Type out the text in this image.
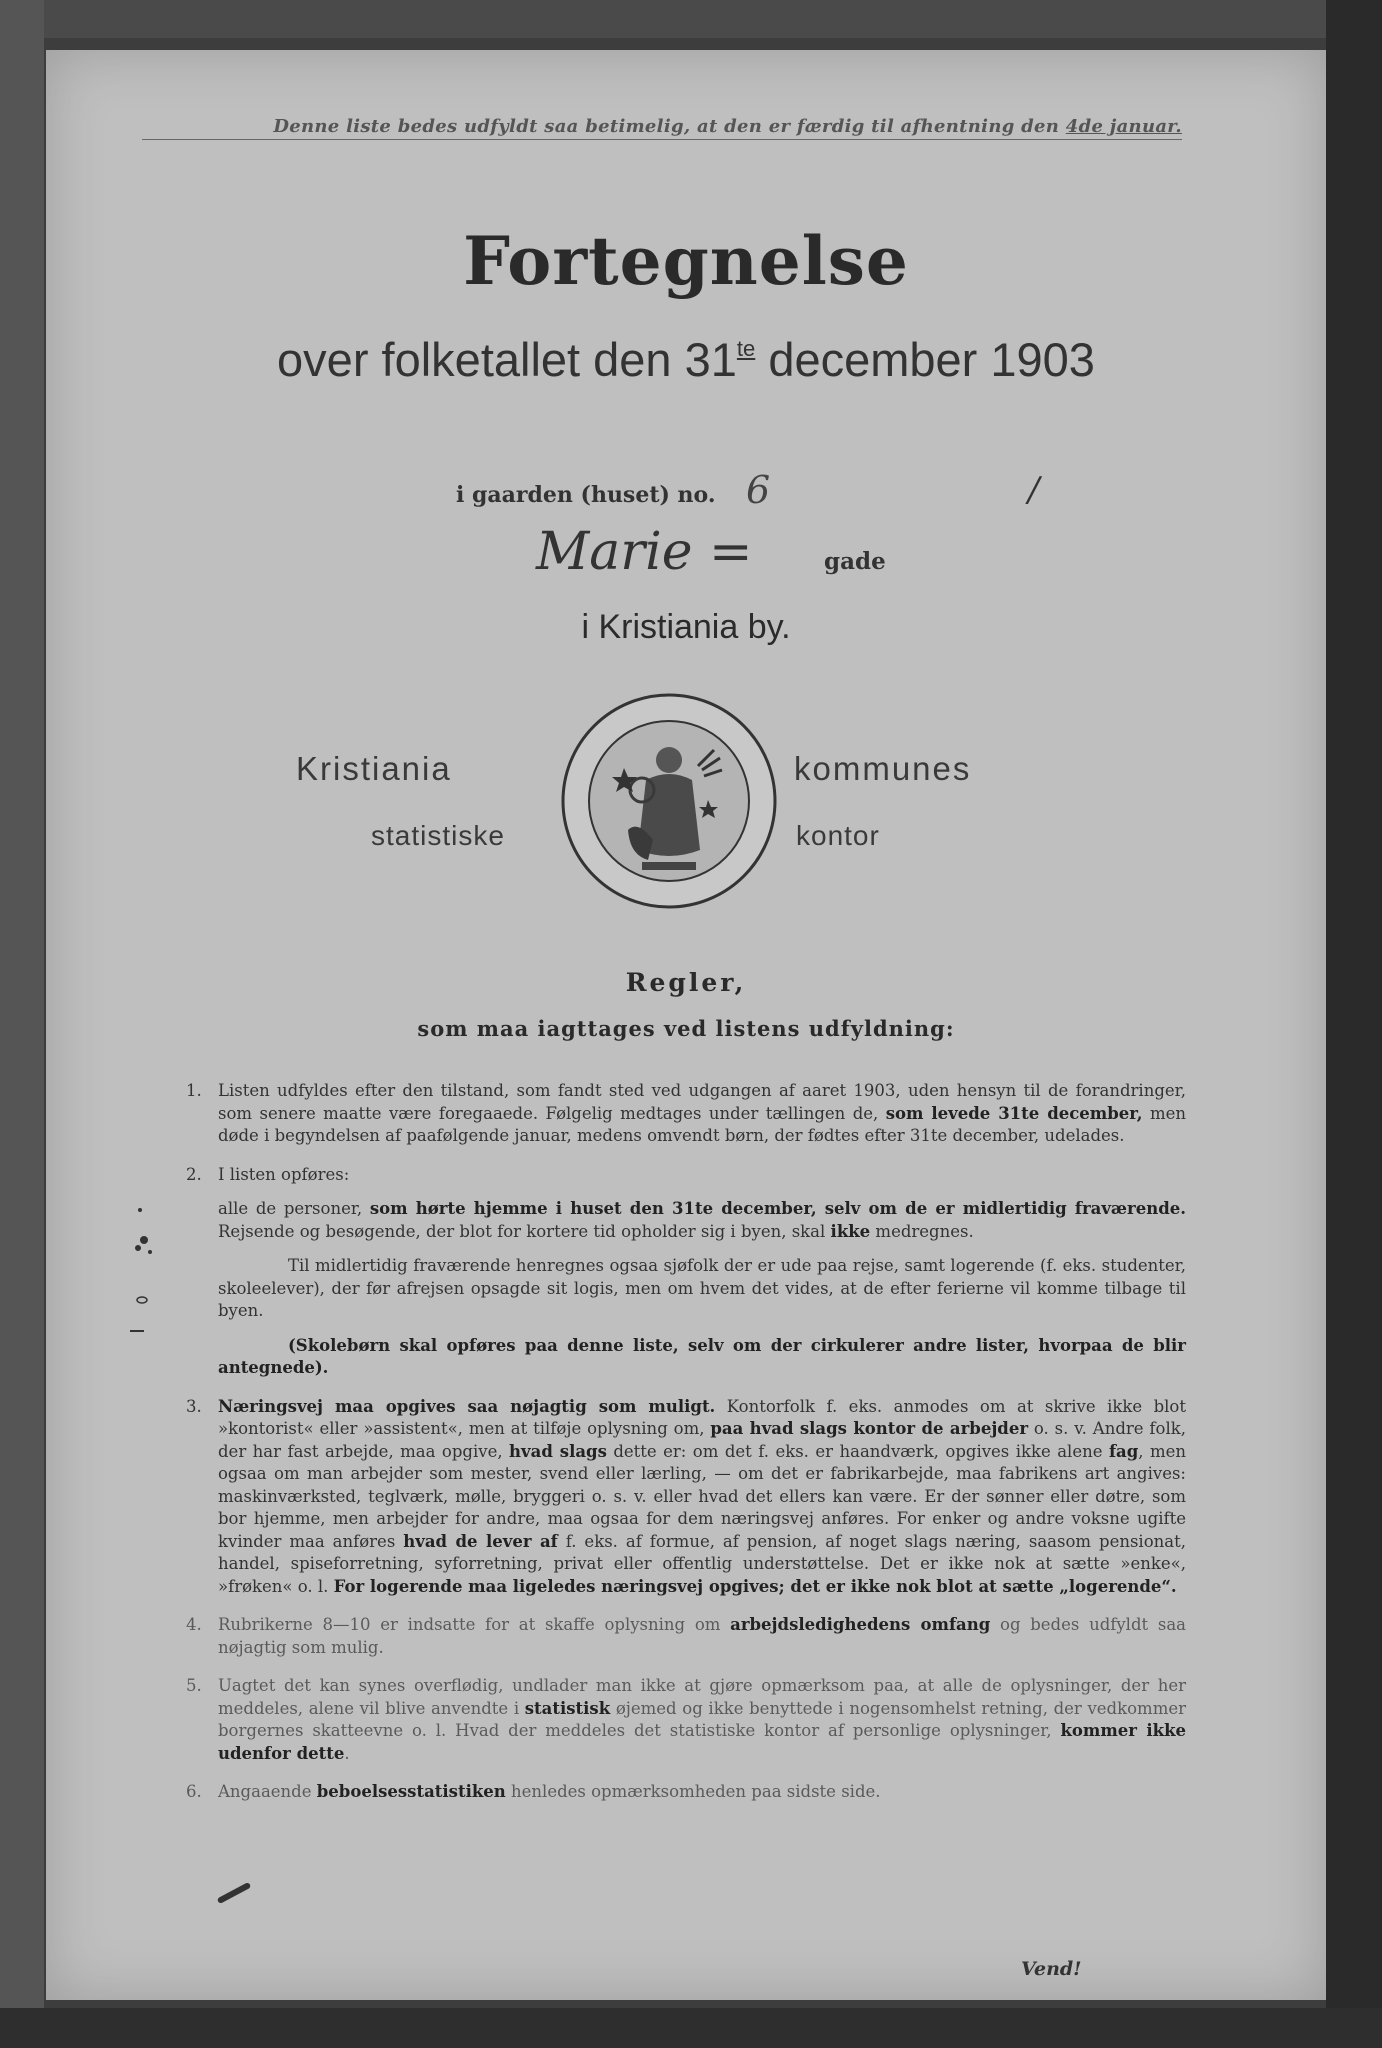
Denne liste bedes udfyldt saa betimelig, at den er færdig til afhentning den 4de januar.
Fortegnelse
over folketallet den $31^{te}$ december 1903
i gaarden (huset) no. 6	/
Marie =	gade
i Kristiania by.
Kristiania
statistiske
kommunes
kontor
Regler,
som maa iagttages ved listens udfyldning:
1. Listen udfyldes efter den tilstand, som fandt sted ved udgangen af aaret 1903, uden hensyn til de forandringer, som senere maatte være foregaaede. Følgelig medtages under tællingen de, som levede 31te december, men døde i begyndelsen af paafølgende januar, medens omvendt børn, der fødtes efter 31te december, udelades.

2. I listen opføres:

alle de personer, som hørte hjemme i huset den 31te december, selv om de er midlertidig fraværende. Rejsende og besøgende, der blot for kortere tid opholder sig i byen, skal ikke medregnes.

Til midlertidig fraværende henregnes ogsaa sjøfolk der er ude paa rejse, samt logerende (f. eks. studenter, skoleelever), der før afrejsen opsagde sit logis, men om hvem det vides, at de efter ferierne vil komme tilbage til byen.

(Skolebørn skal opføres paa denne liste, selv om der cirkulerer andre lister, hvorpaa de blir antegnede).

3. Næringsvej maa opgives saa nøjagtig som muligt. Kontorfolk f. eks. anmodes om at skrive ikke blot »kontorist« eller »assistent«, men at tilføje oplysning om, paa hvad slags kontor de arbejder o. s. v. Andre folk, der har fast arbejde, maa opgive, hvad slags dette er: om det f. eks. er haandværk, opgives ikke alene fag, men ogsaa om man arbejder som mester, svend eller lærling, — om det er fabrikarbejde, maa fabrikens art angives: maskinværksted, teglværk, mølle, bryggeri o. s. v. eller hvad det ellers kan være. Er der sønner eller døtre, som bor hjemme, men arbejder for andre, maa ogsaa for dem næringsvej anføres. For enker og andre voksne ugifte kvinder maa anføres hvad de lever af f. eks. af formue, af pension, af noget slags næring, saasom pensionat, handel, spiseforretning, syforretning, privat eller offentlig understøttelse. Det er ikke nok at sætte »enke«, »frøken« o. l. For logerende maa ligeledes næringsvej opgives; det er ikke nok blot at sætte „logerende“.

4. Rubrikerne 8—10 er indsatte for at skaffe oplysning om arbejdsledighedens omfang og bedes udfyldt saa nøjagtig som mulig.

5. Uagtet det kan synes overflødig, undlader man ikke at gjøre opmærksom paa, at alle de oplysninger, der her meddeles, alene vil blive anvendte i statistisk øjemed og ikke benyttede i nogensomhelst retning, der vedkommer borgernes skatteevne o. l. Hvad der meddeles det statistiske kontor af personlige oplysninger, kommer ikke udenfor dette.

6. Angaaende beboelsesstatistiken henledes opmærksomheden paa sidste side.

Vend!
